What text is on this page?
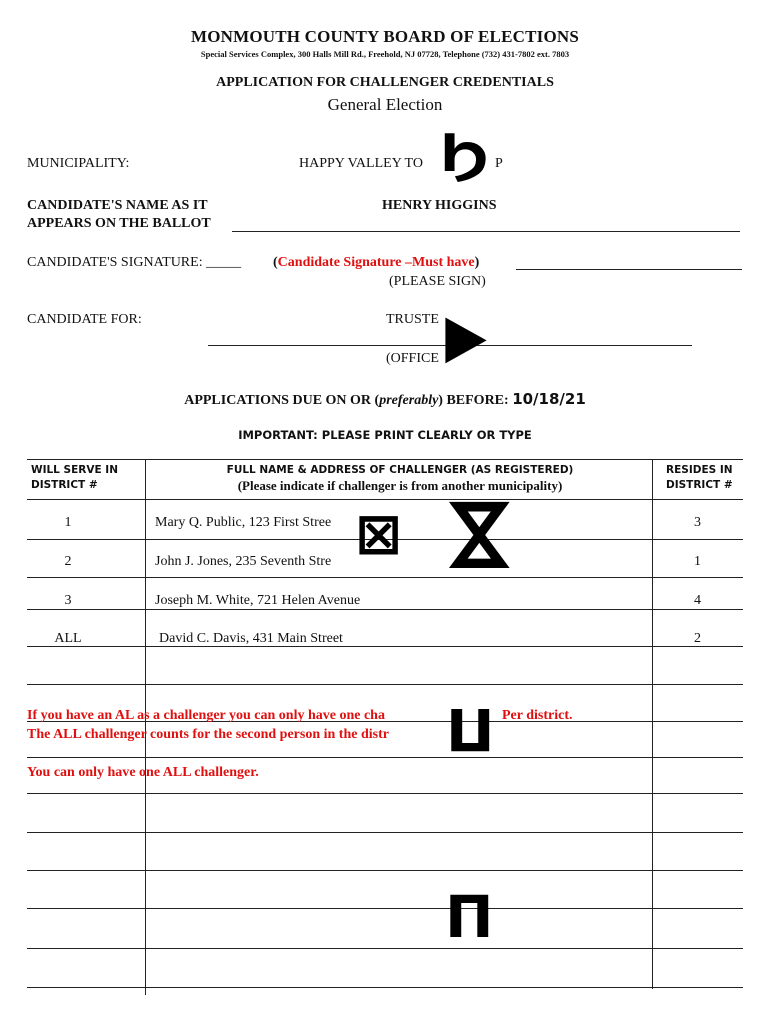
MONMOUTH COUNTY BOARD OF ELECTIONS
Special Services Complex, 300 Halls Mill Rd., Freehold, NJ 07728, Telephone (732) 431-7802 ext. 7803
APPLICATION FOR CHALLENGER CREDENTIALS
General Election
MUNICIPALITY:	HAPPY VALLEY TO	P
Ϧ
CANDIDATE'S NAME AS IT
APPEARS ON THE BALLOT
HENRY HIGGINS
CANDIDATE'S SIGNATURE: _____ (Candidate Signature –Must have)
(PLEASE SIGN)
CANDIDATE FOR:	TRUSTE
(OFFICE ▶
APPLICATIONS DUE ON OR (preferably) BEFORE: 10/18/21
IMPORTANT: PLEASE PRINT CLEARLY OR TYPE
WILL SERVE IN
DISTRICT #
FULL NAME & ADDRESS OF CHALLENGER (AS REGISTERED)
(Please indicate if challenger is from another municipality)
RESIDES IN
DISTRICT #
1	Mary Q. Public, 123 First Stree	3
2	John J. Jones, 235 Seventh Stre	1
3	Joseph M. White, 721 Helen Avenue	4
ALL	David C. Davis, 431 Main Street	2
⊠ ⋈
Π
Π
If you have an AL as a challenger you can only have one cha	Per district.
The ALL challenger counts for the second person in the distr
You can only have one ALL challenger.
